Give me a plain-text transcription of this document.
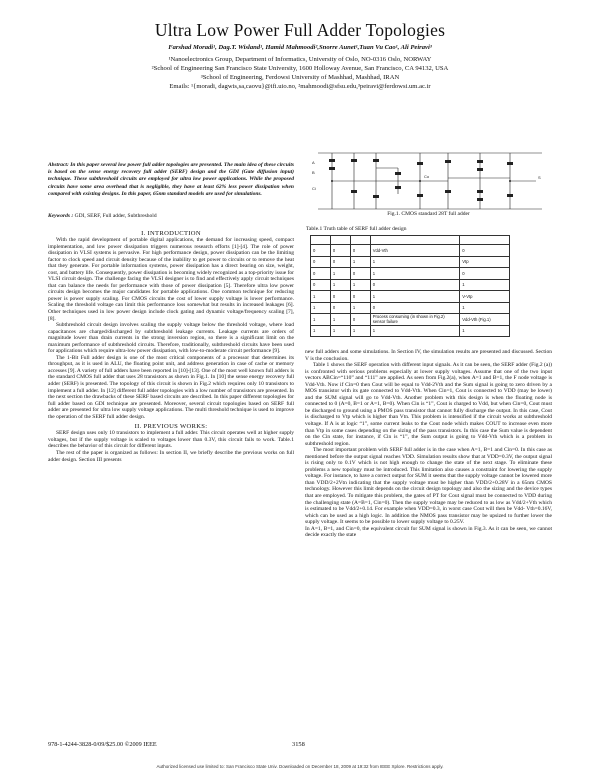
Ultra Low Power Full Adder Topologies
Farshad Moradi¹, Dag.T. Wisland¹, Hamid Mahmoodi²,Snorre Aunet¹,Tuan Vu Cao¹, Ali Peiravi³
¹Nanoelectronics Group, Department of Informatics, University of Oslo, NO-0316 Oslo, NORWAY
²School of Engineering San Francisco State University, 1600 Holloway Avenue, San Francisco, CA 94132, USA
³School of Engineering, Ferdowsi University of Mashhad, Mashhad, IRAN
Emails: ¹{moradi, dagwis,sa,caovu}@ifi.uio.no, ²mahmoodi@sfsu.edu,³peiravi@ferdowsi.um.ac.ir
Abstract: In this paper several low power full adder topologies are presented. The main idea of these circuits is based on the sense energy recovery full adder (SERF) design and the GDI (Gate diffusion input) technique. These subthreshold circuits are employed for ultra low power applications. While the proposed circuits have some area overhead that is negligible, they have at least 62% less power dissipation when compared with existing designs. In this paper, 65nm standard models are used for simulations.
Keywords : GDI, SERF, Full adder, Subthreshold
I. INTRODUCTION

With the rapid development of portable digital applications, the demand for increasing speed, compact implementation, and low power dissipation triggers numerous research efforts [1]-[4]. The role of power dissipation in VLSI systems is pervasive. For high performance design, power dissipation can be the limiting factor to clock speed and circuit density because of the inability to get power to circuits or to remove the heat that they generate. For portable information systems, power dissipation has a direct bearing on size, weight, cost, and battery life. Consequently, power dissipation is becoming widely recognized as a top-priority issue for VLSI circuit design. The challenge facing the VLSI designer is to find and effectively apply circuit techniques that can balance the needs for performance with those of power dissipation [5]. Therefore ultra low power circuits design becomes the major candidates for portable applications. One common technique for reducing power is power supply scaling. For CMOS circuits the cost of lower supply voltage is lower performance. Scaling the threshold voltage can limit this performance loss somewhat but results in increased leakages [6]. Other techniques used in low power design include clock gating and dynamic voltage/frequency scaling [7], [8].

Subthreshold circuit design involves scaling the supply voltage below the threshold voltage, where load capacitances are charged/discharged by subthreshold leakage currents. Leakage currents are orders of magnitude lower than drain currents in the strong inversion region, so there is a significant limit on the maximum performance of subthreshold circuits. Therefore, traditionally, subthreshold circuits have been used for applications which require ultra-low power dissipation, with low-to-moderate circuit performance [9].

The 1-Bit Full adder design is one of the most critical components of a processor that determines its throughput, as it is used in ALU, the floating point unit, and address generation in case of cache or memory accesses [9]. A variety of full adders have been reported in [10]-[13]. One of the most well known full adders is the standard CMOS full adder that uses 28 transistors as shown in Fig.1. In [10] the sense energy recovery full adder (SERF) is presented. The topology of this circuit is shown in Fig.2 which requires only 10 transistors to implement a full adder. In [12] different full adder topologies with a low number of transistors are presented. In the next section the drawbacks of these SERF based circuits are described. In this paper different topologies for full adder based on GDI technique are presented. Moreover, several circuit topologies based on SERF full adder are presented for ultra low supply voltage applications. The multi threshold technique is used to improve the operation of the SERF full adder design.

II. PREVIOUS WORKS:

SERF design uses only 10 transistors to implement a full adder. This circuit operates well at higher supply voltages, but if the supply voltage is scaled to voltages lower than 0.3V, this circuit fails to work. Table.1 describes the behavior of this circuit for different inputs.

The rest of the paper is organized as follows: In section II, we briefly describe the previous works on full adder design. Section III presents

A
B
Ci
Co	S
Fig.1. CMOS standard 28T full adder
Table.1 Truth table of SERF full adder design

0	0	0	Vdd-Vth	0
0	0	1	1	Vtp
0	1	0	1	0
0	1	1	0	1
1	0	0	1	V-Vtp
1	0	1	0	1
1	1	0	Process consuming (in shown in Fig.2) sensor failure	Vdd-Vth (Fig.1)
1	1	1	1	1

new full adders and some simulations. In Section IV, the simulation results are presented and discussed. Section V is the conclusion.

Table 1 shows the SERF operation with different input signals. As it can be seen, the SERF adder (Fig.2 (a)) is confronted with serious problems especially at lower supply voltages. Assume that one of the two input vectors ABCin=“110” and “111” are applied. As seen from Fig.2(a), when A=1 and B=1, the F node voltage is Vdd-Vth. Now if Cin=0 then Cout will be equal to Vdd-2Vth and the Sum signal is going to zero driven by a MOS transistor with its gate connected to Vdd-Vth. When Cin=1, Cout is connected to VDD (may be lower) and the SUM signal will go to Vdd-Vth. Another problem with this design is when the floating node is connected to 0 (A=0, B=1 or A=1, B=0). When Cin is “1”, Cout is charged to Vdd, but when Cin=0, Cout must be discharged to ground using a PMOS pass transistor that cannot fully discharge the output. In this case, Cout is discharged to Vtp which is higher than Vtn. This problem is intensified if the circuit works at subthreshold voltage. If A is at logic “1”, some current leaks to the Cout node which makes COUT to increase even more than Vtp in some cases depending on the sizing of the pass transistors. In this case the Sum value is dependent on the Cin state, for instance, if Cin is “1”, the Sum output is going to Vdd-Vth which is a problem in subthreshold region.

The most important problem with SERF full adder is in the case when A=1, B=1 and Cin=0. In this case as mentioned before the output signal reaches VDD. Simulation results show that at VDD=0.3V, the output signal is rising only to 0.1V which is not high enough to change the state of the next stage. To eliminate these problems a new topology must be introduced. This limitation also causes a constraint for lowering the supply voltage. For instance, to have a correct output for SUM it seems that the supply voltage cannot be lowered more than VDD/2+2Vtn indicating that the supply voltage must be higher than VDD/2+0.28V in a 65nm CMOS technology. However this limit depends on the circuit design topology and also the sizing and the device types that are employed. To mitigate this problem, the gates of PT for Cout signal must be connected to VDD during the challenging state (A=B=1, Cin=0). Then the supply voltage may be reduced to as low as Vdd/2+Vth which is estimated to be Vdd/2+0.14. For example when VDD=0.3, in worst case Cout will then be Vdd- Vth=0.16V, which can be used as a high logic. In addition the NMOS pass transistor may be upsized to further lower the supply voltage. It seems to be possible to lower supply voltage to 0.25V.

In A=1, B=1, and Cin=0, the equivalent circuit for SUM signal is shown in Fig.3. As it can be seen, we cannot decide exactly the state

978-1-4244-3828-0/09/$25.00 ©2009 IEEE	3158
Authorized licensed use limited to: San Francisco State Univ. Downloaded on December 18, 2009 at 19:32 from IEEE Xplore. Restrictions apply.
